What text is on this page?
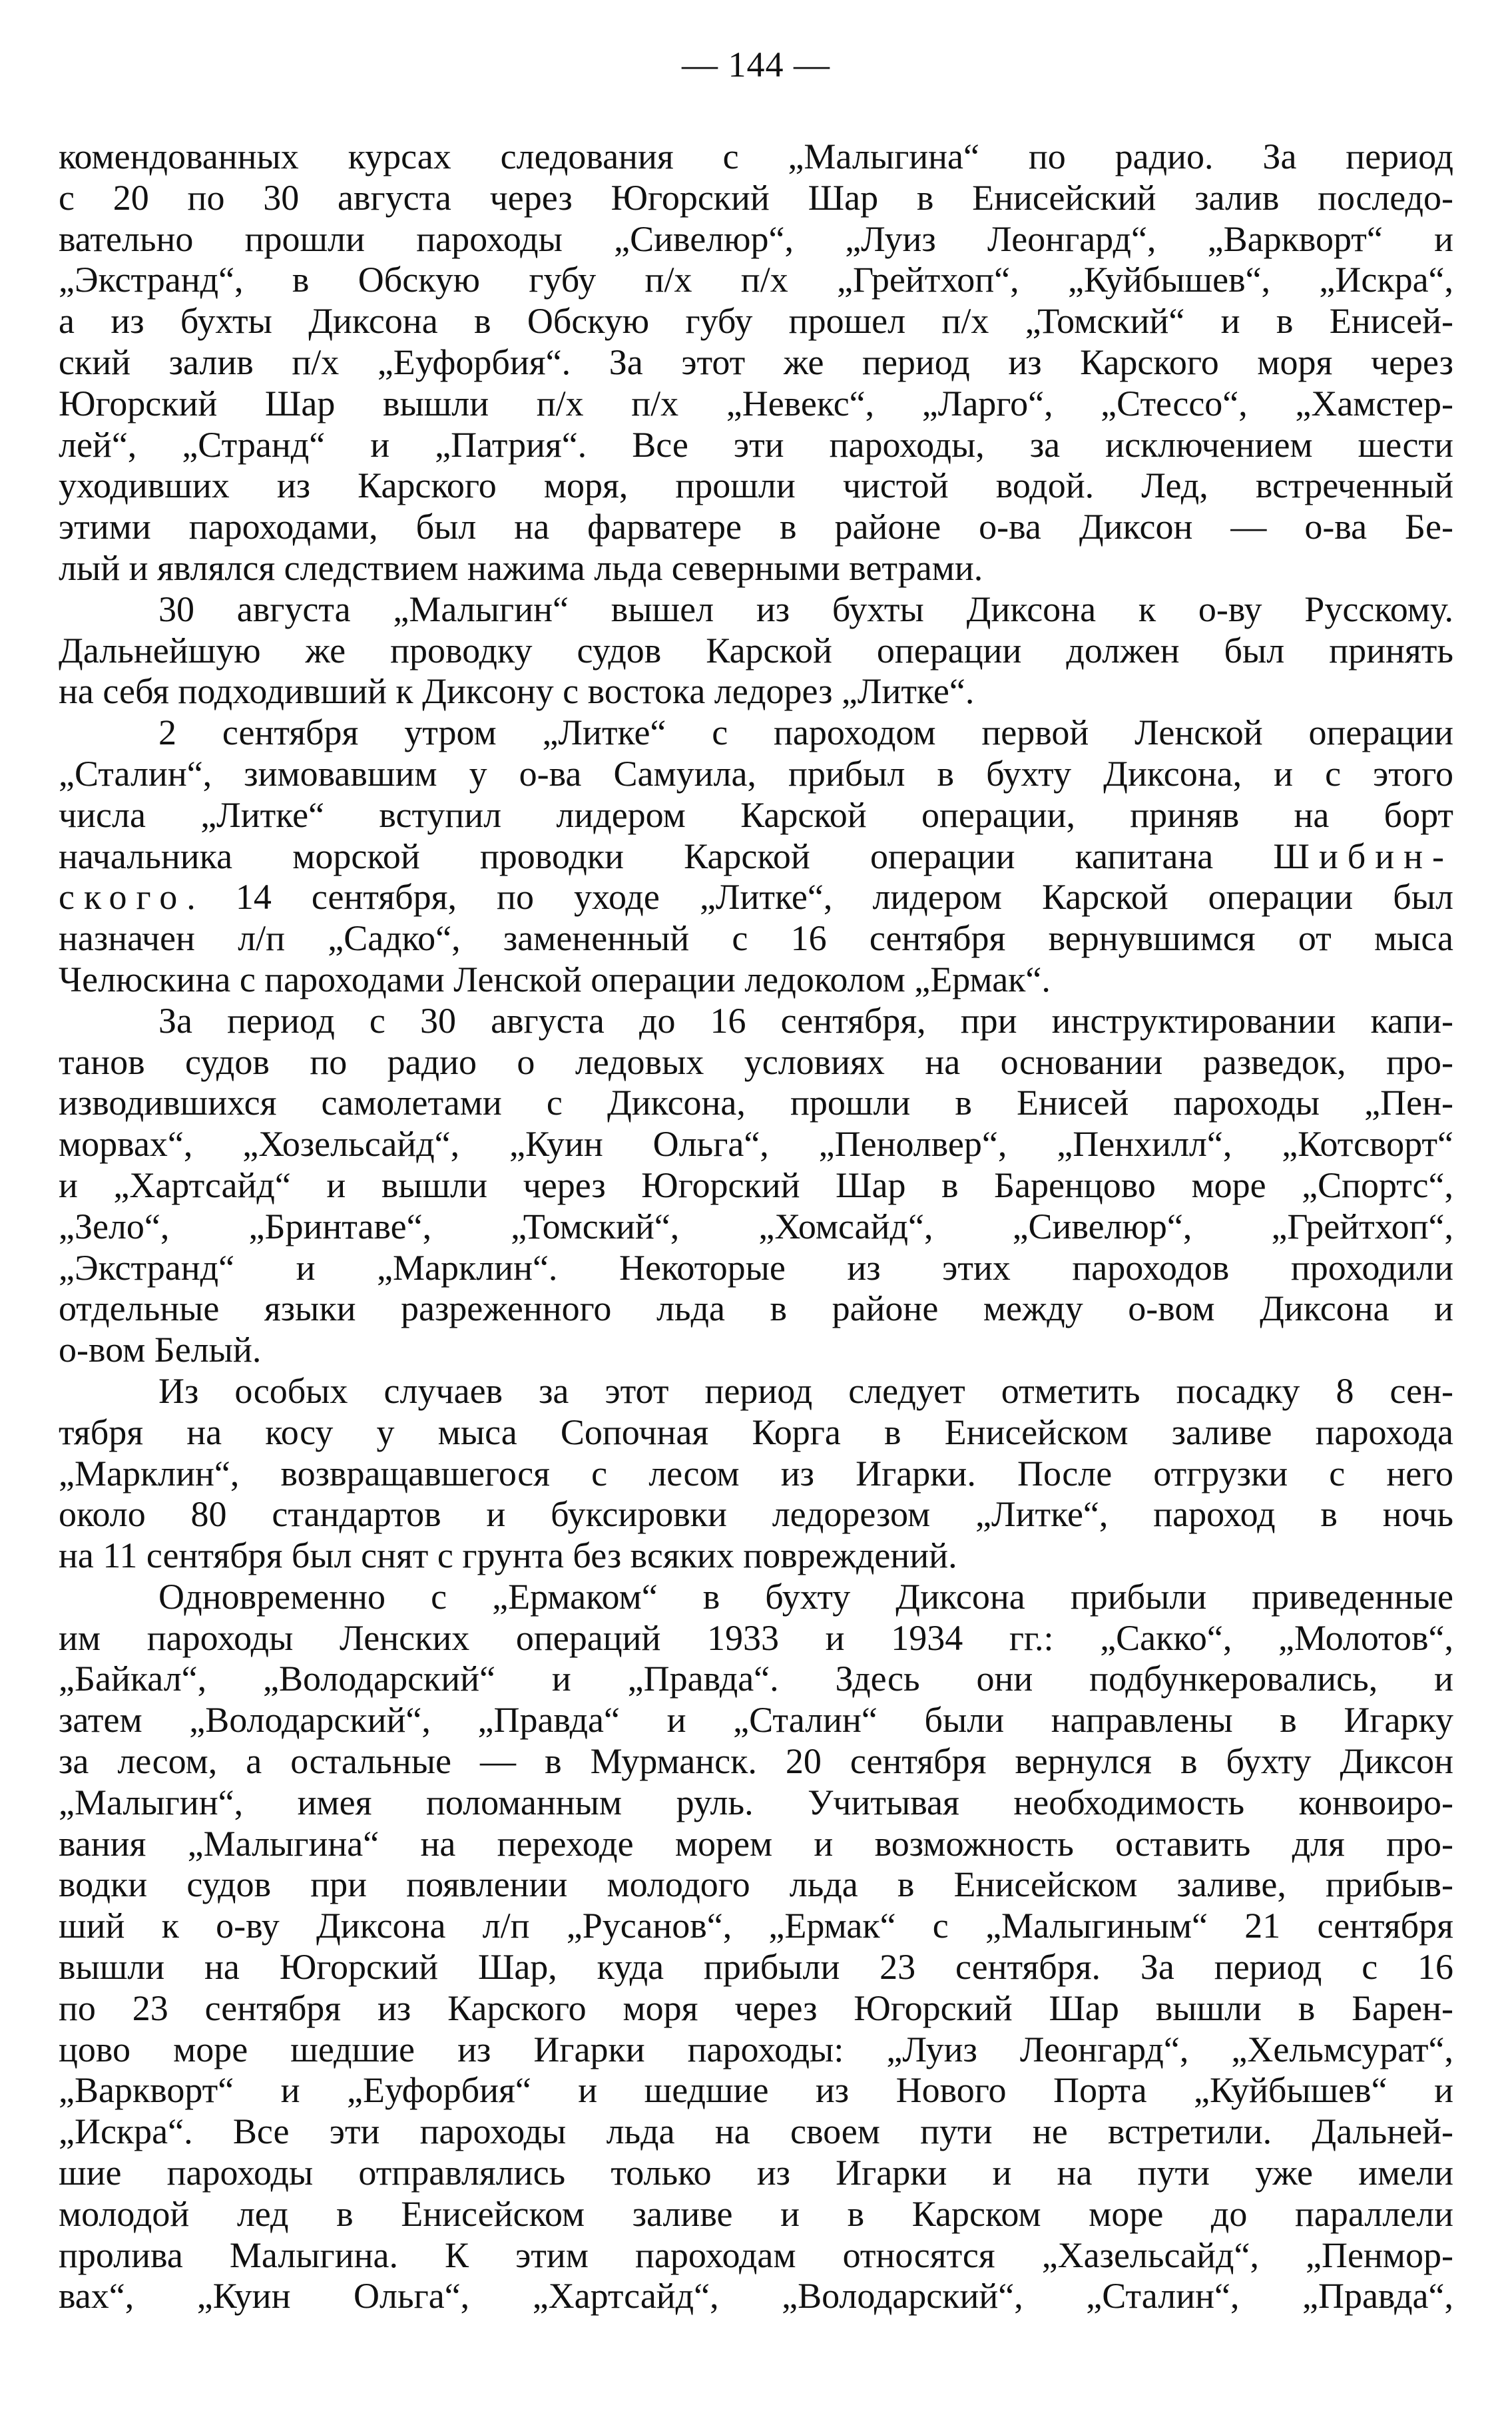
— 144 —
комендованных курсах следования с „Малыгина“ по радио. За период
с 20 по 30 августа через Югорский Шар в Енисейский залив последо-
вательно прошли пароходы „Сивелюр“, „Луиз Леонгард“, „Варкворт“ и
„Экстранд“, в Обскую губу п/х п/х „Грейтхоп“, „Куйбышев“, „Искра“,
а из бухты Диксона в Обскую губу прошел п/х „Томский“ и в Енисей-
ский залив п/х „Еуфорбия“. За этот же период из Карского моря через
Югорский Шар вышли п/х п/х „Невекс“, „Ларго“, „Стессо“, „Хамстер-
лей“, „Странд“ и „Патрия“. Все эти пароходы, за исключением шести
уходивших из Карского моря, прошли чистой водой. Лед, встреченный
этими пароходами, был на фарватере в районе о-ва Диксон — о-ва Бе-
лый и являлся следствием нажима льда северными ветрами.
30 августа „Малыгин“ вышел из бухты Диксона к о-ву Русскому.
Дальнейшую же проводку судов Карской операции должен был принять
на себя подходивший к Диксону с востока ледорез „Литке“.
2 сентября утром „Литке“ с пароходом первой Ленской операции
„Сталин“, зимовавшим у о-ва Самуила, прибыл в бухту Диксона, и с этого
числа „Литке“ вступил лидером Карской операции, приняв на борт
начальника морской проводки Карской операции капитана Шибин-
ского. 14 сентября, по уходе „Литке“, лидером Карской операции был
назначен л/п „Садко“, замененный с 16 сентября вернувшимся от мыса
Челюскина с пароходами Ленской операции ледоколом „Ермак“.
За период с 30 августа до 16 сентября, при инструктировании капи-
танов судов по радио о ледовых условиях на основании разведок, про-
изводившихся самолетами с Диксона, прошли в Енисей пароходы „Пен-
морвах“, „Хозельсайд“, „Куин Ольга“, „Пенолвер“, „Пенхилл“, „Котсворт“
и „Хартсайд“ и вышли через Югорский Шар в Баренцово море „Спортс“,
„Зело“, „Бринтаве“, „Томский“, „Хомсайд“, „Сивелюр“, „Грейтхоп“,
„Экстранд“ и „Марклин“. Некоторые из этих пароходов проходили
отдельные языки разреженного льда в районе между о-вом Диксона и
о-вом Белый.
Из особых случаев за этот период следует отметить посадку 8 сен-
тября на косу у мыса Сопочная Корга в Енисейском заливе парохода
„Марклин“, возвращавшегося с лесом из Игарки. После отгрузки с него
около 80 стандартов и буксировки ледорезом „Литке“, пароход в ночь
на 11 сентября был снят с грунта без всяких повреждений.
Одновременно с „Ермаком“ в бухту Диксона прибыли приведенные
им пароходы Ленских операций 1933 и 1934 гг.: „Сакко“, „Молотов“,
„Байкал“, „Володарский“ и „Правда“. Здесь они подбункеровались, и
затем „Володарский“, „Правда“ и „Сталин“ были направлены в Игарку
за лесом, а остальные — в Мурманск. 20 сентября вернулся в бухту Диксон
„Малыгин“, имея поломанным руль. Учитывая необходимость конвоиро-
вания „Малыгина“ на переходе морем и возможность оставить для про-
водки судов при появлении молодого льда в Енисейском заливе, прибыв-
ший к о-ву Диксона л/п „Русанов“, „Ермак“ с „Малыгиным“ 21 сентября
вышли на Югорский Шар, куда прибыли 23 сентября. За период с 16
по 23 сентября из Карского моря через Югорский Шар вышли в Барен-
цово море шедшие из Игарки пароходы: „Луиз Леонгард“, „Хельмсурат“,
„Варкворт“ и „Еуфорбия“ и шедшие из Нового Порта „Куйбышев“ и
„Искра“. Все эти пароходы льда на своем пути не встретили. Дальней-
шие пароходы отправлялись только из Игарки и на пути уже имели
молодой лед в Енисейском заливе и в Карском море до параллели
пролива Малыгина. К этим пароходам относятся „Хазельсайд“, „Пенмор-
вах“, „Куин Ольга“, „Хартсайд“, „Володарский“, „Сталин“, „Правда“,
